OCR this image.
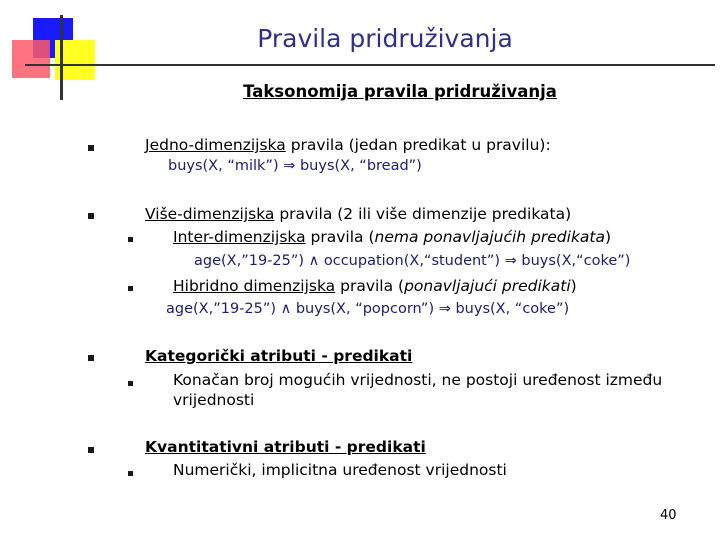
Pravila pridruživanja
Taksonomija pravila pridruživanja
Jedno-dimenzijska pravila (jedan predikat u pravilu):
buys(X, “milk”) ⇒ buys(X, “bread”)
Više-dimenzijska pravila (2 ili više dimenzije predikata)
Inter-dimenzijska pravila (nema ponavljajućih predikata)
age(X,”19-25”) ∧ occupation(X,“student”) ⇒ buys(X,“coke”)
Hibridno dimenzijska pravila (ponavljajući predikati)
age(X,”19-25”) ∧ buys(X, “popcorn”) ⇒ buys(X, “coke”)
Kategorički atributi - predikati
Konačan broj mogućih vrijednosti, ne postoji uređenost između
vrijednosti
Kvantitativni atributi - predikati
Numerički, implicitna uređenost vrijednosti
40
